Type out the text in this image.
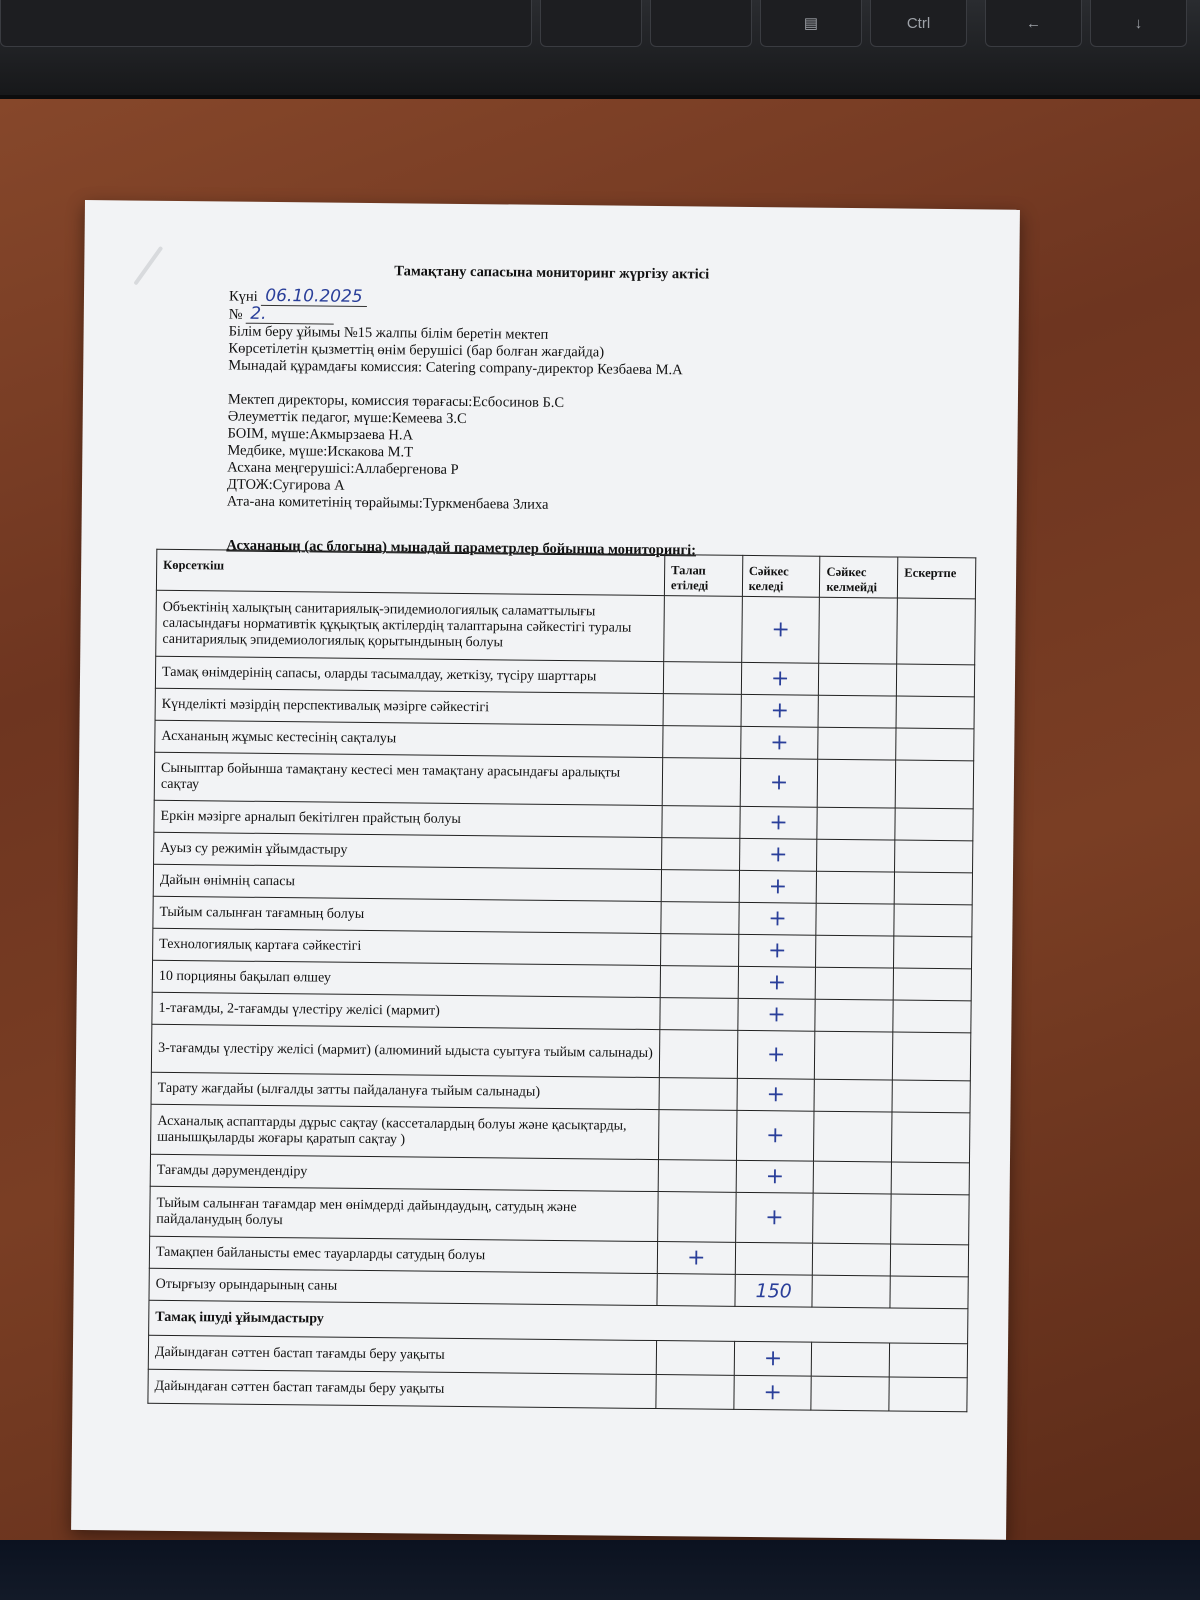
▤	Ctrl	←	↓
Тамақтану сапасына мониторинг жүргізу актісі
Күні 06.10.2025
№ 2.
Білім беру ұйымы №15 жалпы білім беретін мектеп
Көрсетілетін қызметтің өнім берушісі (бар болған жағдайда)
Мынадай құрамдағы комиссия: Catering company-директор Кезбаева М.А
Мектеп директоры, комиссия төрағасы:Есбосинов Б.С
Әлеуметтік педагог, мүше:Кемеева З.С
БОІМ, мүше:Акмырзаева Н.А
Медбике, мүше:Искакова М.Т
Асхана меңгерушісі:Аллабергенова Р
ДТОЖ:Сугирова А
Ата-ана комитетінің төрайымы:Туркменбаева Злиха
Асхананың (ас блогына) мынадай параметрлер бойынша мониторингі:
Көрсеткіш	Талап етіледі	Сәйкес келеді	Сәйкес келмейді	Ескертпе
Объектінің халықтың санитариялық-эпидемиологиялық саламаттылығы саласындағы нормативтік құқықтық актілердің талаптарына сәйкестігі туралы санитариялық эпидемиологиялық қорытындының болуы		+		
Тамақ өнімдерінің сапасы, оларды тасымалдау, жеткізу, түсіру шарттары		+		
Күнделікті мәзірдің перспективалық мәзірге сәйкестігі		+		
Асхананың жұмыс кестесінің сақталуы		+		
Сыныптар бойынша тамақтану кестесі мен тамақтану арасындағы аралықты сақтау		+		
Еркін мәзірге арналып бекітілген прайстың болуы		+		
Ауыз су режимін ұйымдастыру		+		
Дайын өнімнің сапасы		+		
Тыйым салынған тағамның болуы		+		
Технологиялық картаға сәйкестігі		+		
10 порцияны бақылап өлшеу		+		
1-тағамды, 2-тағамды үлестіру желісі (мармит)		+		
3-тағамды үлестіру желісі (мармит) (алюминий ыдыста суытуға тыйым салынады)		+		
Тарату жағдайы (ылғалды затты пайдалануға тыйым салынады)		+		
Асханалық аспаптарды дұрыс сақтау (кассеталардың болуы және қасықтарды, шанышқыларды жоғары қаратып сақтау )		+		
Тағамды дәрумендендіру		+		
Тыйым салынған тағамдар мен өнімдерді дайындаудың, сатудың және пайдаланудың болуы		+		
Тамақпен байланысты емес тауарларды сатудың болуы	+			
Отырғызу орындарының саны		150		
Тамақ ішуді ұйымдастыру				
Дайындаған сәттен бастап тағамды беру уақыты		+		
Дайындаған сәттен бастап тағамды беру уақыты		+		
